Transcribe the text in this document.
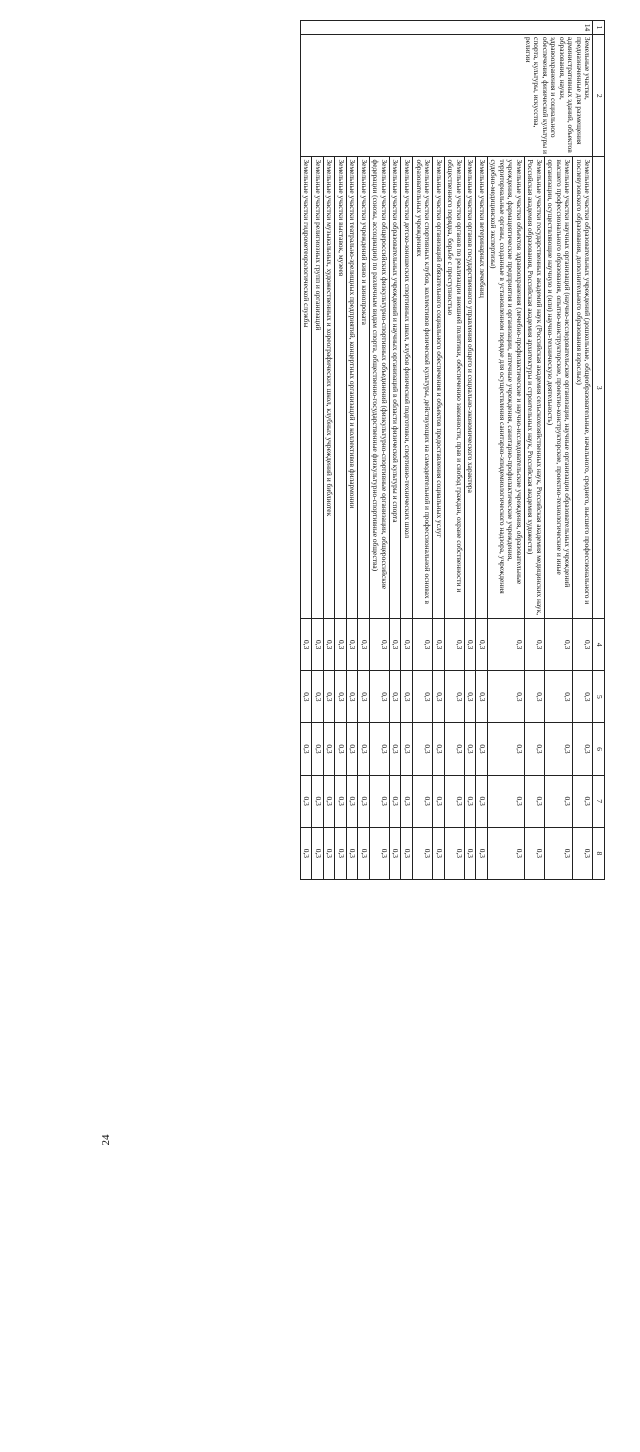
24
1	2	3	4	5	6	7	8
14	Земельные участки, предназначенные для размещения административных зданий, объектов образования, науки, здравоохранения и социального обеспечения, физической культуры и спорта, культуры, искусства, религии	Земельные участки образовательных учреждений (дошкольные, общеобразовательные, начального, среднего, высшего профессионального и послевузовского образования, дополнительного образования взрослых)	0,3	0,3	0,3	0,3	0,3
		Земельные участки научных организаций (научно-исследовательские организации, научные организации образовательных учреждений высшего профессионального образования, опытно-конструкторские, проектно-конструкторские, проектно-технологические и иные организации, осуществляющие научную и (или) научно-техническую деятельность)	0,3	0,3	0,3	0,3	0,3
		Земельные участки государственных академий наук (Российская академия сельскохозяйственных наук, Российская академия медицинских наук, Российская академия образования, Российская академия архитектуры и строительных наук, Российская академия художеств)	0,3	0,3	0,3	0,3	0,3
		Земельные участки объектов здравоохранения (лечебно-профилактические и научно-исследовательские учреждения, образовательные учреждения, фармацевтические предприятия и организации, аптечные учреждения, санитарно-профилактические учреждения, территориальные органы, созданные в установленном порядке для осуществления санитарно-эпидемиологического надзора, учреждения судебно-медицинской экспертизы)	0,3	0,3	0,3	0,3	0,3
		Земельные участки ветеринарных лечебниц	0,3	0,3	0,3	0,3	0,3
		Земельные участки органов государственного управления общего и социально-экономического характера	0,3	0,3	0,3	0,3	0,3
		Земельные участки органов по реализации внешней политики, обеспечению законности, прав и свобод граждан, охране собственности и общественного порядка, борьбе с преступностью	0,3	0,3	0,3	0,3	0,3
		Земельные участки организаций обязательного социального обеспечения и объектов предоставления социальных услуг	0,3	0,3	0,3	0,3	0,3
		Земельные участки спортивных клубов, коллективов физической культуры, действующих на самодеятельной и профессиональной основах в образовательных учреждениях	0,3	0,3	0,3	0,3	0,3
		Земельные участки детско-юношеских спортивных школ, клубов физической подготовки, спортивно-технических школ	0,3	0,3	0,3	0,3	0,3
		Земельные участки образовательных учреждений и научных организаций в области физической культуры и спорта	0,3	0,3	0,3	0,3	0,3
		Земельные участки общероссийских физкультурно-спортивных объединений (физкультурно-спортивные организации, общероссийские федерации (союзы, ассоциации) по различным видам спорта, общественно-государственные физкультурно-спортивные общества)	0,3	0,3	0,3	0,3	0,3
		Земельные участки учреждений кино и кинопроката	0,3	0,3	0,3	0,3	0,3
		Земельные участки театрально-зрелищных предприятий, концертных организаций и коллективов филармонии	0,3	0,3	0,3	0,3	0,3
		Земельные участки выставок, музеев	0,3	0,3	0,3	0,3	0,3
		Земельные участки музыкальных, художественных и хореографических школ, клубных учреждений и библиотек	0,3	0,3	0,3	0,3	0,3
		Земельные участки религиозных групп и организаций	0,3	0,3	0,3	0,3	0,3
		Земельные участки гидрометеорологической службы	0,3	0,3	0,3	0,3	0,3
